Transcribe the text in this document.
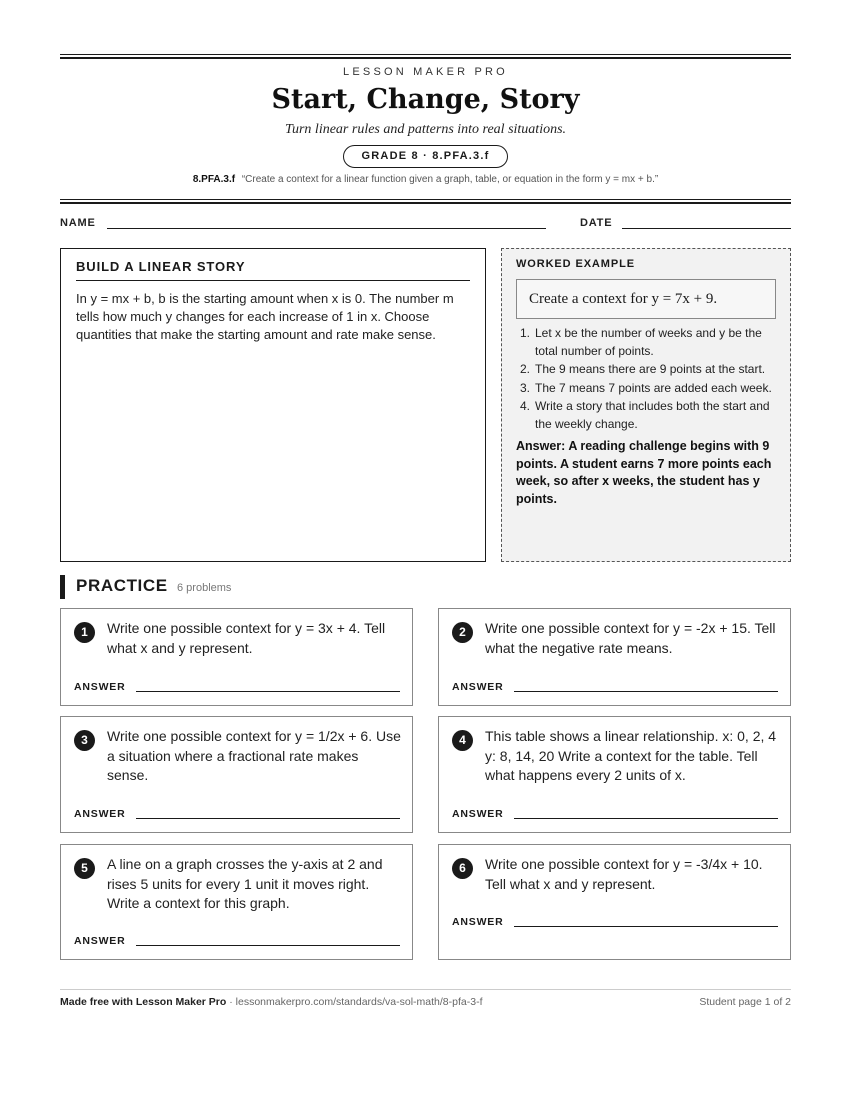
LESSON MAKER PRO
Start, Change, Story
Turn linear rules and patterns into real situations.
GRADE 8 · 8.PFA.3.f
8.PFA.3.f “Create a context for a linear function given a graph, table, or equation in the form y = mx + b.”
NAME	DATE
BUILD A LINEAR STORY

In y = mx + b, b is the starting amount when x is 0. The number m tells how much y changes for each increase of 1 in x. Choose quantities that make the starting amount and rate make sense.

WORKED EXAMPLE
Create a context for y = 7x + 9.
1. Let x be the number of weeks and y be the total number of points.
2. The 9 means there are 9 points at the start.
3. The 7 means 7 points are added each week.
4. Write a story that includes both the start and the weekly change.
Answer: A reading challenge begins with 9 points. A student earns 7 more points each week, so after x weeks, the student has y points.
PRACTICE 6 problems
1	Write one possible context for y = 3x + 4. Tell what x and y represent.
ANSWER
2	Write one possible context for y = -2x + 15. Tell what the negative rate means.
ANSWER
3	Write one possible context for y = 1/2x + 6. Use a situation where a fractional rate makes sense.
ANSWER
4	This table shows a linear relationship. x: 0, 2, 4 y: 8, 14, 20 Write a context for the table. Tell what happens every 2 units of x.
ANSWER
5	A line on a graph crosses the y-axis at 2 and rises 5 units for every 1 unit it moves right. Write a context for this graph.
ANSWER
6	Write one possible context for y = -3/4x + 10. Tell what x and y represent.
ANSWER
Made free with Lesson Maker Pro · lessonmakerpro.com/standards/va-sol-math/8-pfa-3-f	Student page 1 of 2
